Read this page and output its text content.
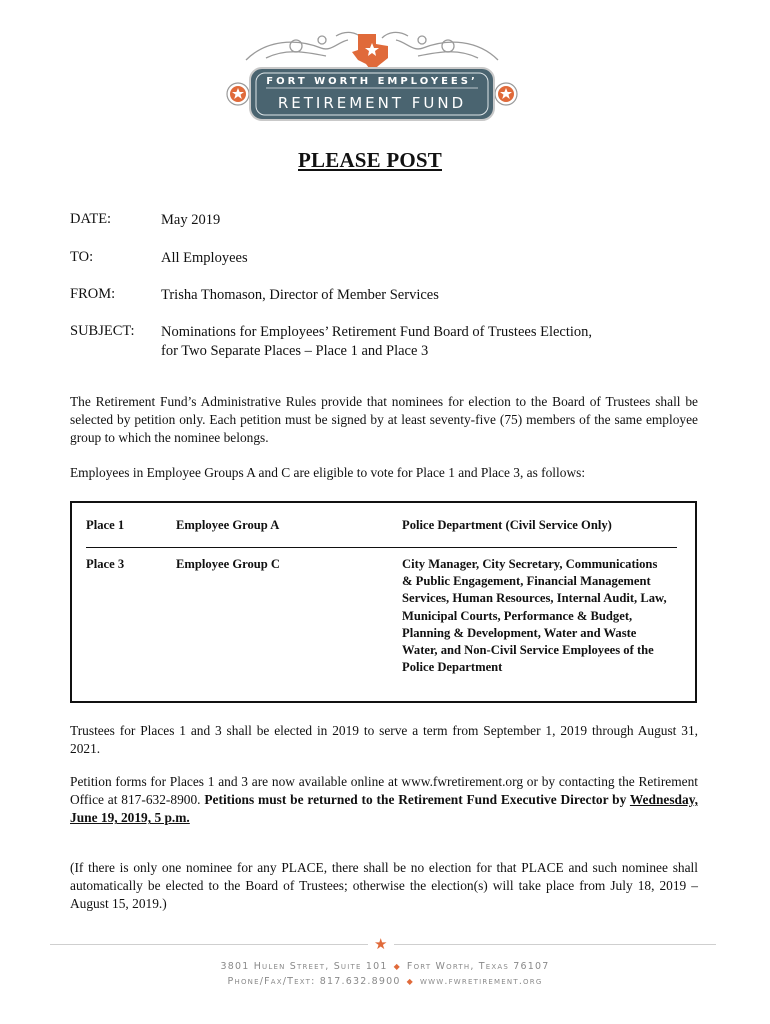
FORT WORTH EMPLOYEES’
RETIREMENT FUND
PLEASE POST
DATE:	May 2019
TO:	All Employees
FROM:	Trisha Thomason, Director of Member Services
SUBJECT: Nominations for Employees’ Retirement Fund Board of Trustees Election,
for Two Separate Places – Place 1 and Place 3
The Retirement Fund’s Administrative Rules provide that nominees for election to the Board of Trustees shall be selected by petition only. Each petition must be signed by at least seventy-five (75) members of the same employee group to which the nominee belongs.
Employees in Employee Groups A and C are eligible to vote for Place 1 and Place 3, as follows:
Place 1	Employee Group A	Police Department (Civil Service Only)
Place 3	Employee Group C	City Manager, City Secretary, Communications & Public Engagement, Financial Management Services, Human Resources, Internal Audit, Law, Municipal Courts, Performance & Budget, Planning & Development, Water and Waste Water, and Non-Civil Service Employees of the Police Department
Trustees for Places 1 and 3 shall be elected in 2019 to serve a term from September 1, 2019 through August 31, 2021.
Petition forms for Places 1 and 3 are now available online at www.fwretirement.org or by contacting the Retirement Office at 817-632-8900. Petitions must be returned to the Retirement Fund Executive Director by Wednesday, June 19, 2019, 5 p.m.
(If there is only one nominee for any PLACE, there shall be no election for that PLACE and such nominee shall automatically be elected to the Board of Trustees; otherwise the election(s) will take place from July 18, 2019 – August 15, 2019.)
★
3801 Hulen Street, Suite 101 ◆ Fort Worth, Texas 76107
Phone/Fax/Text: 817.632.8900 ◆ www.fwretirement.org
